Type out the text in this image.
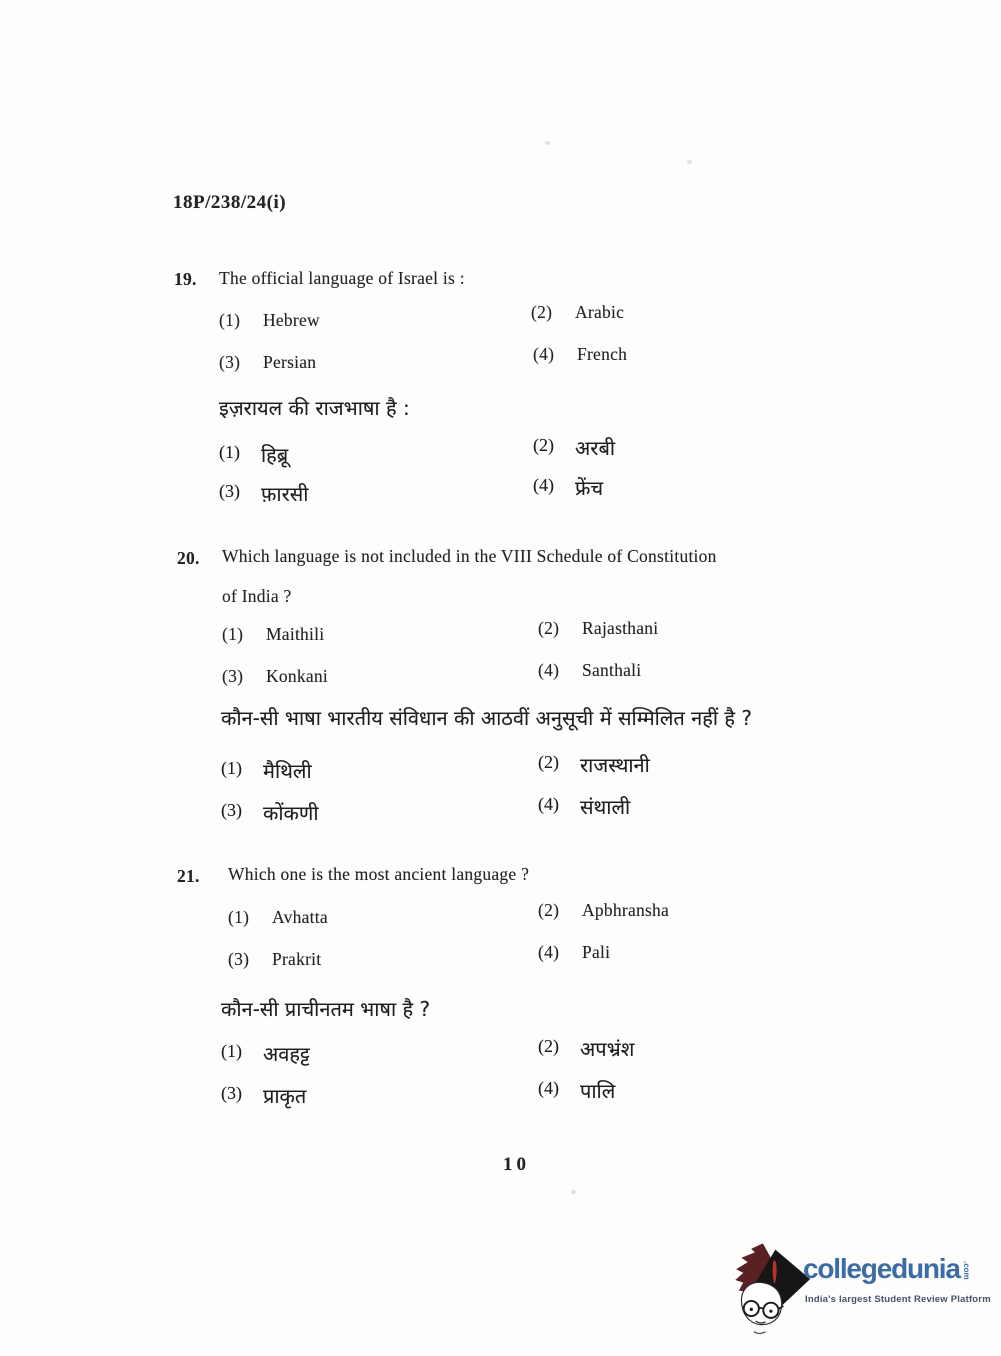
18P/238/24(i)
19. The official language of Israel is :
(1)	Hebrew	(2)	Arabic
(3)	Persian	(4)	French
इज़रायल की राजभाषा है :
(1)	हिब्रू	(2)	अरबी
(3)	फ़ारसी	(4)	फ्रेंच
20. Which language is not included in the VIII Schedule of Constitution
of India ?
(1)	Maithili	(2)	Rajasthani
(3)	Konkani	(4)	Santhali
कौन-सी भाषा भारतीय संविधान की आठवीं अनुसूची में सम्मिलित नहीं है ?
(1)	मैथिली	(2)	राजस्थानी
(3)	कोंकणी	(4)	संथाली
21. Which one is the most ancient language ?
(1)	Avhatta	(2)	Apbhransha
(3)	Prakrit	(4)	Pali
कौन-सी प्राचीनतम भाषा है ?
(1)	अवहट्ट	(2)	अपभ्रंश
(3)	प्राकृत	(4)	पालि
10
collegedunia .com
India's largest Student Review Platform
